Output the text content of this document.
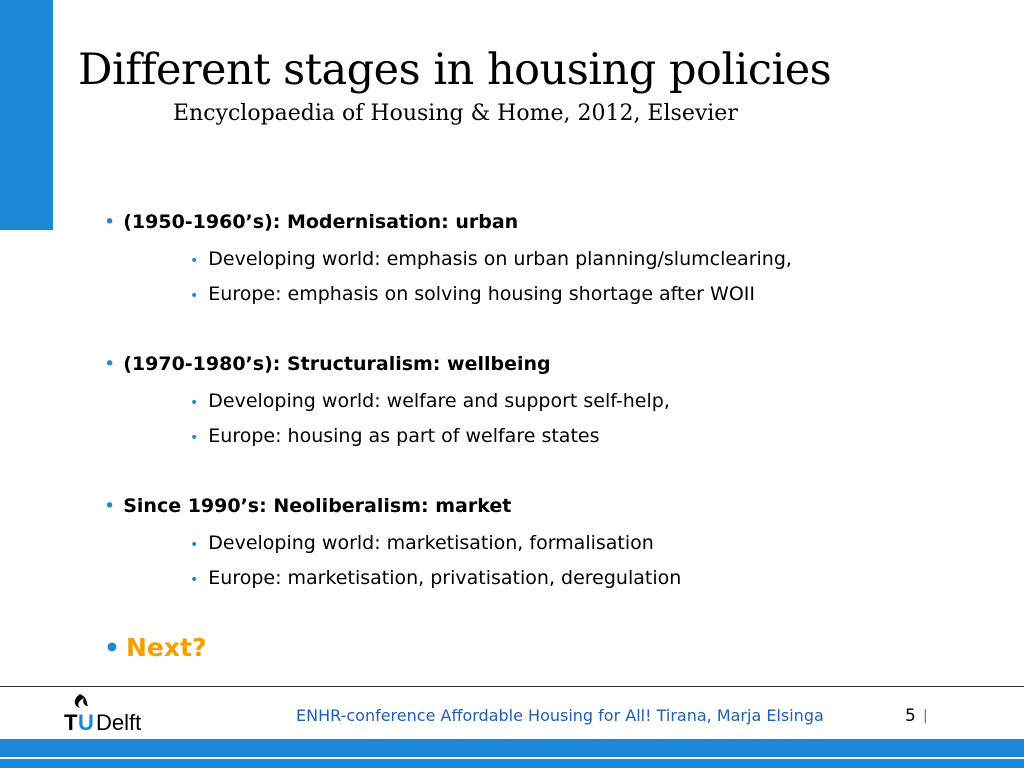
Different stages in housing policies
Encyclopaedia of Housing & Home, 2012, Elsevier
• (1950-1960’s): Modernisation: urban
• Developing world: emphasis on urban planning/slumclearing,
• Europe: emphasis on solving housing shortage after WOII
• (1970-1980’s): Structuralism: wellbeing
• Developing world: welfare and support self-help,
• Europe: housing as part of welfare states
• Since 1990’s: Neoliberalism: market
• Developing world: marketisation, formalisation
• Europe: marketisation, privatisation, deregulation
• Next?
T U Delft	ENHR-conference Affordable Housing for All! Tirana, Marja Elsinga	5 |
